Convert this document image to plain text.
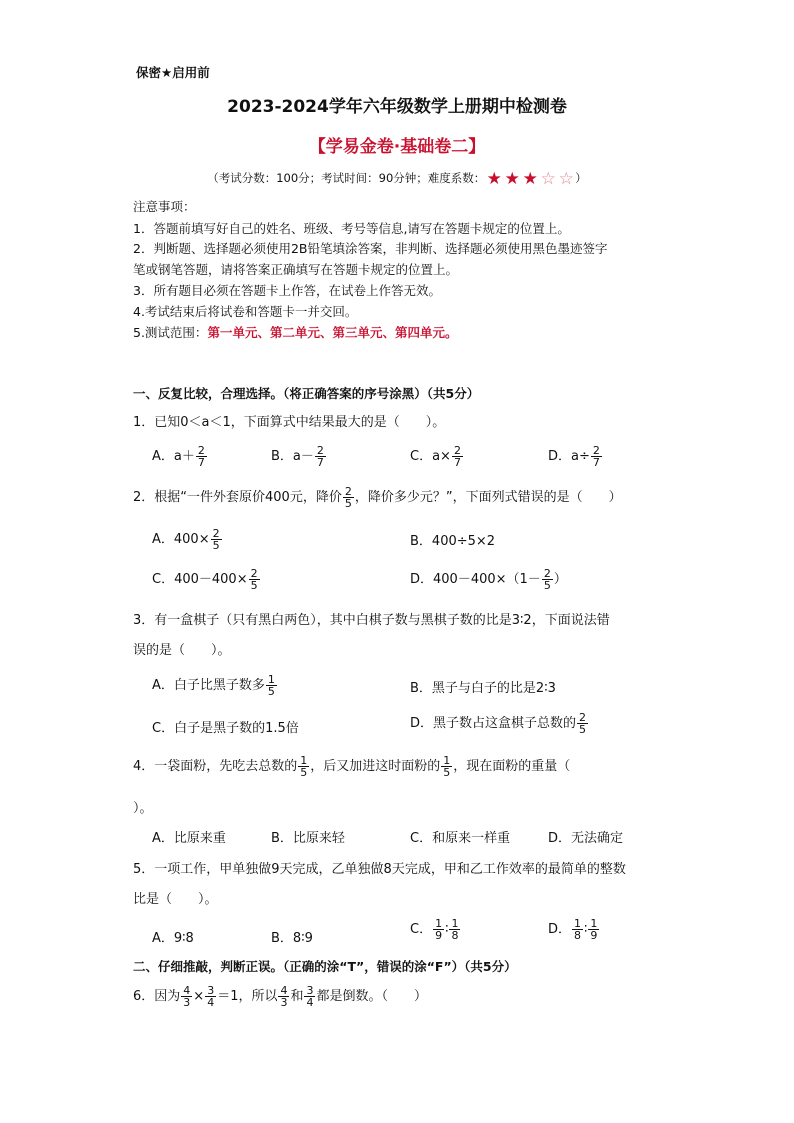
保密★启用前
2023-2024学年六年级数学上册期中检测卷
【学易金卷·基础卷二】
（考试分数：100分；考试时间：90分钟；难度系数：★ ★ ★ ☆ ☆）
注意事项：
1．答题前填写好自己的姓名、班级、考号等信息,请写在答题卡规定的位置上。
2．判断题、选择题必须使用2B铅笔填涂答案，非判断、选择题必须使用黑色墨迹签字
笔或钢笔答题，请将答案正确填写在答题卡规定的位置上。
3．所有题目必须在答题卡上作答，在试卷上作答无效。
4.考试结束后将试卷和答题卡一并交回。
5.测试范围：第一单元、第二单元、第三单元、第四单元。
一、反复比较，合理选择。（将正确答案的序号涂黑）（共5分）
1．已知0＜a＜1，下面算式中结果最大的是（　　）。
A．$a+ \frac{2}{7}$	B．$a- \frac{2}{7}$	C．$a\times \frac{2}{7}$	D．$a\div \frac{2}{7}$
2．根据“一件外套原价400元，降价 $\frac{2}{5}$ ，降价多少元？”，下面列式错误的是（　　）
A．$400\times \frac{2}{5}$	B．400÷5×2
C．$400-400\times \frac{2}{5}$	D．$400-400\times(1- \frac{2}{5}$ ）
3．有一盒棋子（只有黑白两色），其中白棋子数与黑棋子数的比是3∶2，下面说法错
误的是（　　）。
A．白子比黑子数多 $\frac{1}{5}$	B．黑子与白子的比是2∶3
C．白子是黑子数的1.5倍	D．黑子数占这盒棋子总数的 $\frac{2}{5}$
4．一袋面粉，先吃去总数的 $\frac{1}{5}$ ，后又加进这时面粉的 $\frac{1}{5}$ ，现在面粉的重量（
）。
A．比原来重	B．比原来轻	C．和原来一样重	D．无法确定
5．一项工作，甲单独做9天完成，乙单独做8天完成，甲和乙工作效率的最简单的整数
比是（　　）。
A．9∶8	B．8∶9
C． $\frac{1}{9}$ ∶ $\frac{1}{8}$	D． $\frac{1}{8}$ ∶ $\frac{1}{9}$
二、仔细推敲，判断正误。（正确的涂“T”，错误的涂“F”）（共5分）
6．因为 $\frac{4}{3} \times \frac{3}{4} =1$，所以 $\frac{4}{3}$ 和 $\frac{3}{4}$ 都是倒数。（　　）
